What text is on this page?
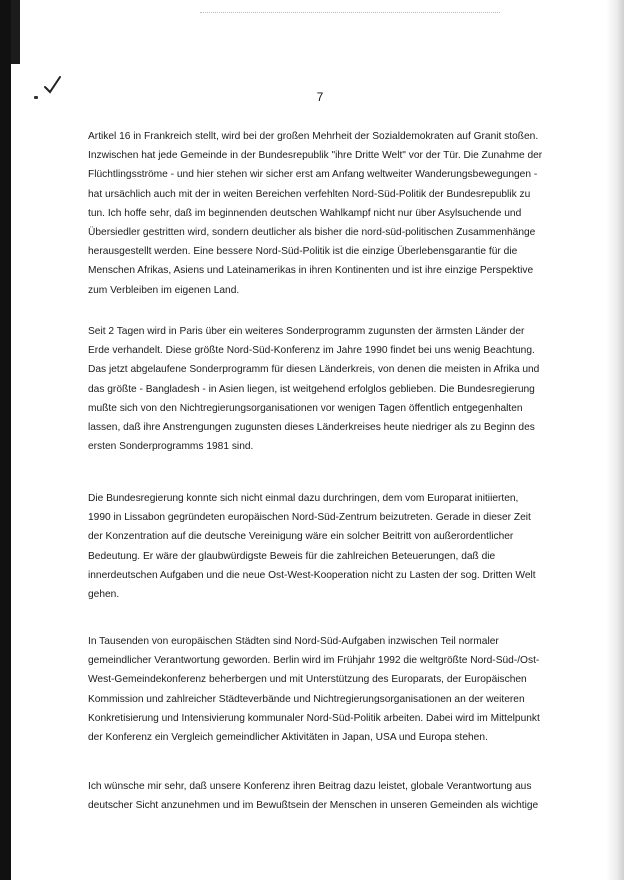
7
Artikel 16 in Frankreich stellt, wird bei der großen Mehrheit der Sozialdemokraten auf Granit stoßen.
Inzwischen hat jede Gemeinde in der Bundesrepublik "ihre Dritte Welt" vor der Tür. Die Zunahme der
Flüchtlingsströme - und hier stehen wir sicher erst am Anfang weltweiter Wanderungsbewegungen -
hat ursächlich auch mit der in weiten Bereichen verfehlten Nord-Süd-Politik der Bundesrepublik zu
tun. Ich hoffe sehr, daß im beginnenden deutschen Wahlkampf nicht nur über Asylsuchende und
Übersiedler gestritten wird, sondern deutlicher als bisher die nord-süd-politischen Zusammenhänge
herausgestellt werden. Eine bessere Nord-Süd-Politik ist die einzige Überlebensgarantie für die
Menschen Afrikas, Asiens und Lateinamerikas in ihren Kontinenten und ist ihre einzige Perspektive
zum Verbleiben im eigenen Land.
Seit 2 Tagen wird in Paris über ein weiteres Sonderprogramm zugunsten der ärmsten Länder der
Erde verhandelt. Diese größte Nord-Süd-Konferenz im Jahre 1990 findet bei uns wenig Beachtung.
Das jetzt abgelaufene Sonderprogramm für diesen Länderkreis, von denen die meisten in Afrika und
das größte - Bangladesh - in Asien liegen, ist weitgehend erfolglos geblieben. Die Bundesregierung
mußte sich von den Nichtregierungsorganisationen vor wenigen Tagen öffentlich entgegenhalten
lassen, daß ihre Anstrengungen zugunsten dieses Länderkreises heute niedriger als zu Beginn des
ersten Sonderprogramms 1981 sind.
Die Bundesregierung konnte sich nicht einmal dazu durchringen, dem vom Europarat initiierten,
1990 in Lissabon gegründeten europäischen Nord-Süd-Zentrum beizutreten. Gerade in dieser Zeit
der Konzentration auf die deutsche Vereinigung wäre ein solcher Beitritt von außerordentlicher
Bedeutung. Er wäre der glaubwürdigste Beweis für die zahlreichen Beteuerungen, daß die
innerdeutschen Aufgaben und die neue Ost-West-Kooperation nicht zu Lasten der sog. Dritten Welt
gehen.
In Tausenden von europäischen Städten sind Nord-Süd-Aufgaben inzwischen Teil normaler
gemeindlicher Verantwortung geworden. Berlin wird im Frühjahr 1992 die weltgrößte Nord-Süd-/Ost-
West-Gemeindekonferenz beherbergen und mit Unterstützung des Europarats, der Europäischen
Kommission und zahlreicher Städteverbände und Nichtregierungsorganisationen an der weiteren
Konkretisierung und Intensivierung kommunaler Nord-Süd-Politik arbeiten. Dabei wird im Mittelpunkt
der Konferenz ein Vergleich gemeindlicher Aktivitäten in Japan, USA und Europa stehen.
Ich wünsche mir sehr, daß unsere Konferenz ihren Beitrag dazu leistet, globale Verantwortung aus
deutscher Sicht anzunehmen und im Bewußtsein der Menschen in unseren Gemeinden als wichtige
